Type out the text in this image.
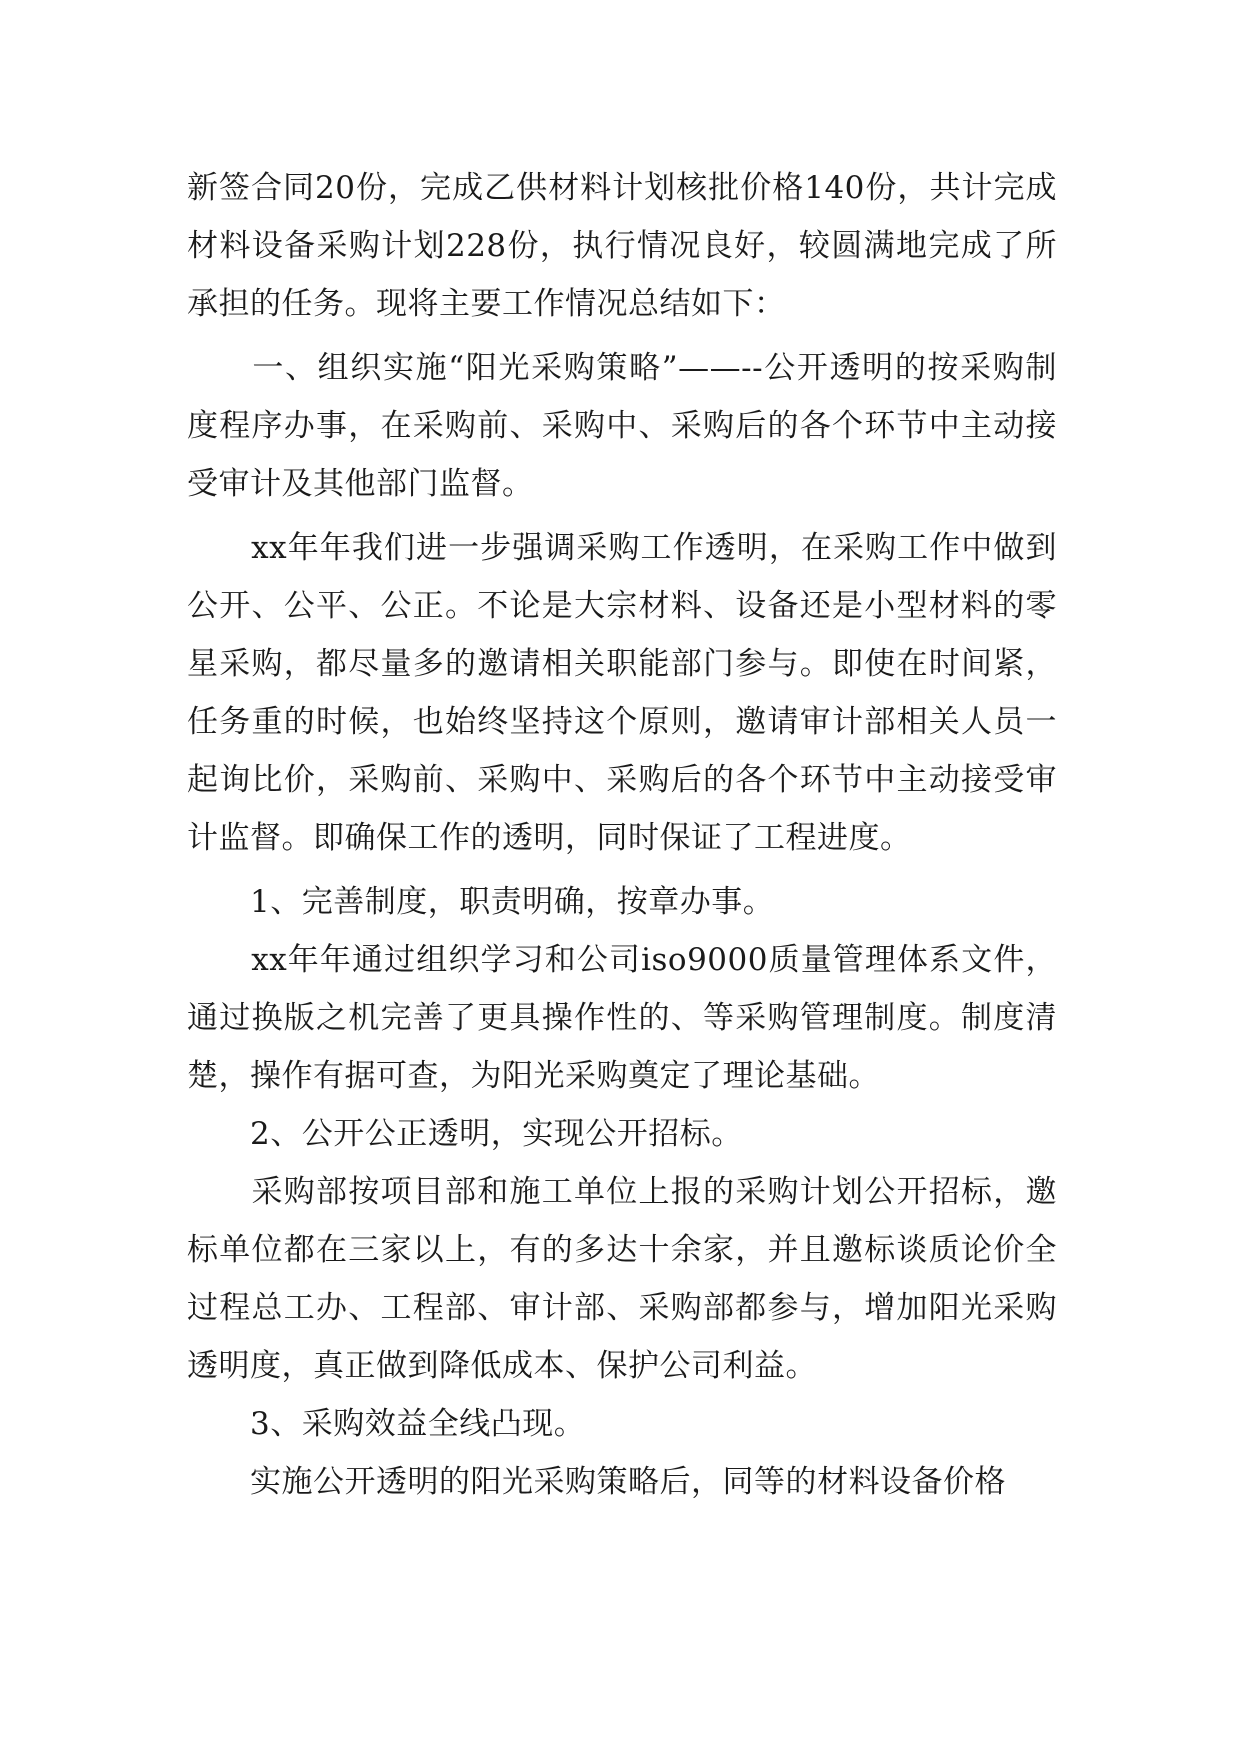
新签合同20份，完成乙供材料计划核批价格140份，共计完成材料设备采购计划228份，执行情况良好，较圆满地完成了所承担的任务。现将主要工作情况总结如下：

　　一、组织实施“阳光采购策略”——--公开透明的按采购制度程序办事，在采购前、采购中、采购后的各个环节中主动接受审计及其他部门监督。

　　xx年年我们进一步强调采购工作透明，在采购工作中做到公开、公平、公正。不论是大宗材料、设备还是小型材料的零星采购，都尽量多的邀请相关职能部门参与。即使在时间紧，任务重的时候，也始终坚持这个原则，邀请审计部相关人员一起询比价，采购前、采购中、采购后的各个环节中主动接受审计监督。即确保工作的透明，同时保证了工程进度。

　　1、完善制度，职责明确，按章办事。

　　xx年年通过组织学习和公司iso9000质量管理体系文件，通过换版之机完善了更具操作性的、等采购管理制度。制度清楚，操作有据可查，为阳光采购奠定了理论基础。

　　2、公开公正透明，实现公开招标。

　　采购部按项目部和施工单位上报的采购计划公开招标，邀标单位都在三家以上，有的多达十余家，并且邀标谈质论价全过程总工办、工程部、审计部、采购部都参与，增加阳光采购透明度，真正做到降低成本、保护公司利益。

　　3、采购效益全线凸现。

　　实施公开透明的阳光采购策略后，同等的材料设备价格
